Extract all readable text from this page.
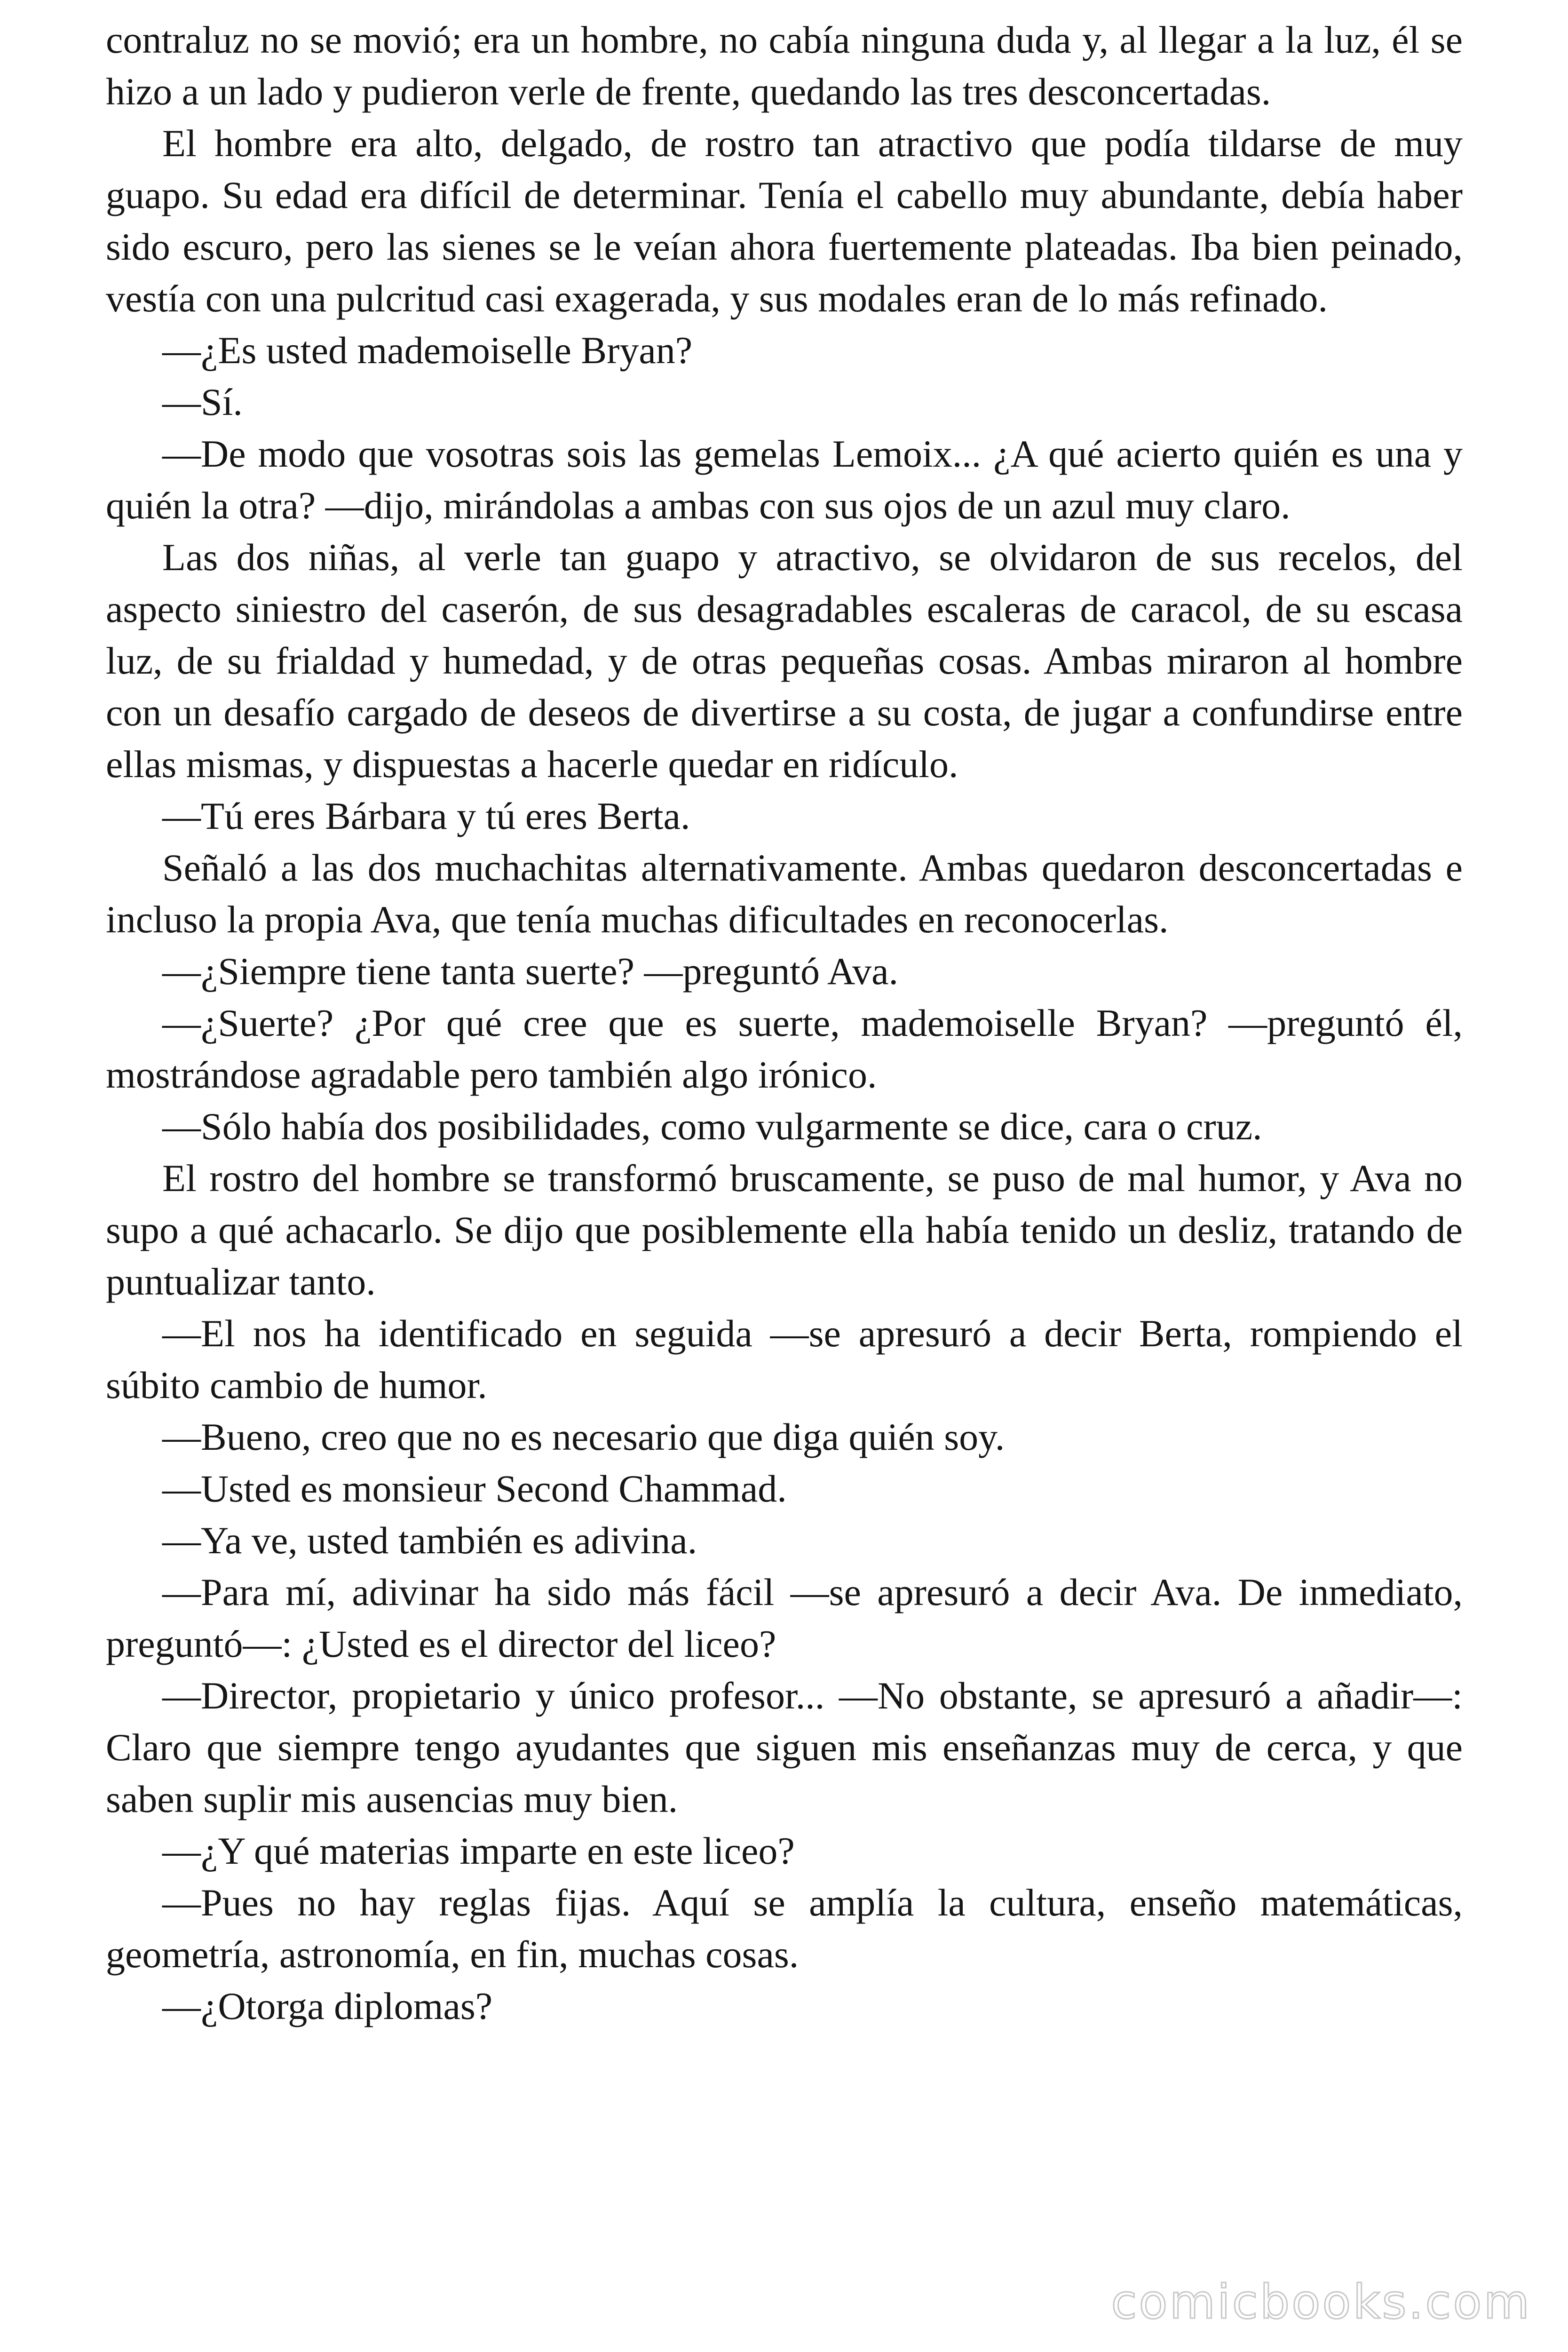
contraluz no se movió; era un hombre, no cabía ninguna duda y, al llegar a la luz, él se hizo a un lado y pudieron verle de frente, quedando las tres desconcertadas.

El hombre era alto, delgado, de rostro tan atractivo que podía tildarse de muy guapo. Su edad era difícil de determinar. Tenía el cabello muy abundante, debía haber sido escuro, pero las sienes se le veían ahora fuertemente plateadas. Iba bien peinado, vestía con una pulcritud casi exagerada, y sus modales eran de lo más refinado.

—¿Es usted mademoiselle Bryan?

—Sí.

—De modo que vosotras sois las gemelas Lemoix... ¿A qué acierto quién es una y quién la otra? —dijo, mirándolas a ambas con sus ojos de un azul muy claro.

Las dos niñas, al verle tan guapo y atractivo, se olvidaron de sus recelos, del aspecto siniestro del caserón, de sus desagradables escaleras de caracol, de su escasa luz, de su frialdad y humedad, y de otras pequeñas cosas. Ambas miraron al hombre con un desafío cargado de deseos de divertirse a su costa, de jugar a confundirse entre ellas mismas, y dispuestas a hacerle quedar en ridículo.

—Tú eres Bárbara y tú eres Berta.

Señaló a las dos muchachitas alternativamente. Ambas quedaron desconcertadas e incluso la propia Ava, que tenía muchas dificultades en reconocerlas.

—¿Siempre tiene tanta suerte? —preguntó Ava.

—¿Suerte? ¿Por qué cree que es suerte, mademoiselle Bryan? —preguntó él, mostrándose agradable pero también algo irónico.

—Sólo había dos posibilidades, como vulgarmente se dice, cara o cruz.

El rostro del hombre se transformó bruscamente, se puso de mal humor, y Ava no supo a qué achacarlo. Se dijo que posiblemente ella había tenido un desliz, tratando de puntualizar tanto.

—El nos ha identificado en seguida —se apresuró a decir Berta, rompiendo el súbito cambio de humor.

—Bueno, creo que no es necesario que diga quién soy.

—Usted es monsieur Second Chammad.

—Ya ve, usted también es adivina.

—Para mí, adivinar ha sido más fácil —se apresuró a decir Ava. De inmediato, preguntó—: ¿Usted es el director del liceo?

—Director, propietario y único profesor... —No obstante, se apresuró a añadir—: Claro que siempre tengo ayudantes que siguen mis enseñanzas muy de cerca, y que saben suplir mis ausencias muy bien.

—¿Y qué materias imparte en este liceo?

—Pues no hay reglas fijas. Aquí se amplía la cultura, enseño matemáticas, geometría, astronomía, en fin, muchas cosas.

—¿Otorga diplomas?

comicbooks.com
